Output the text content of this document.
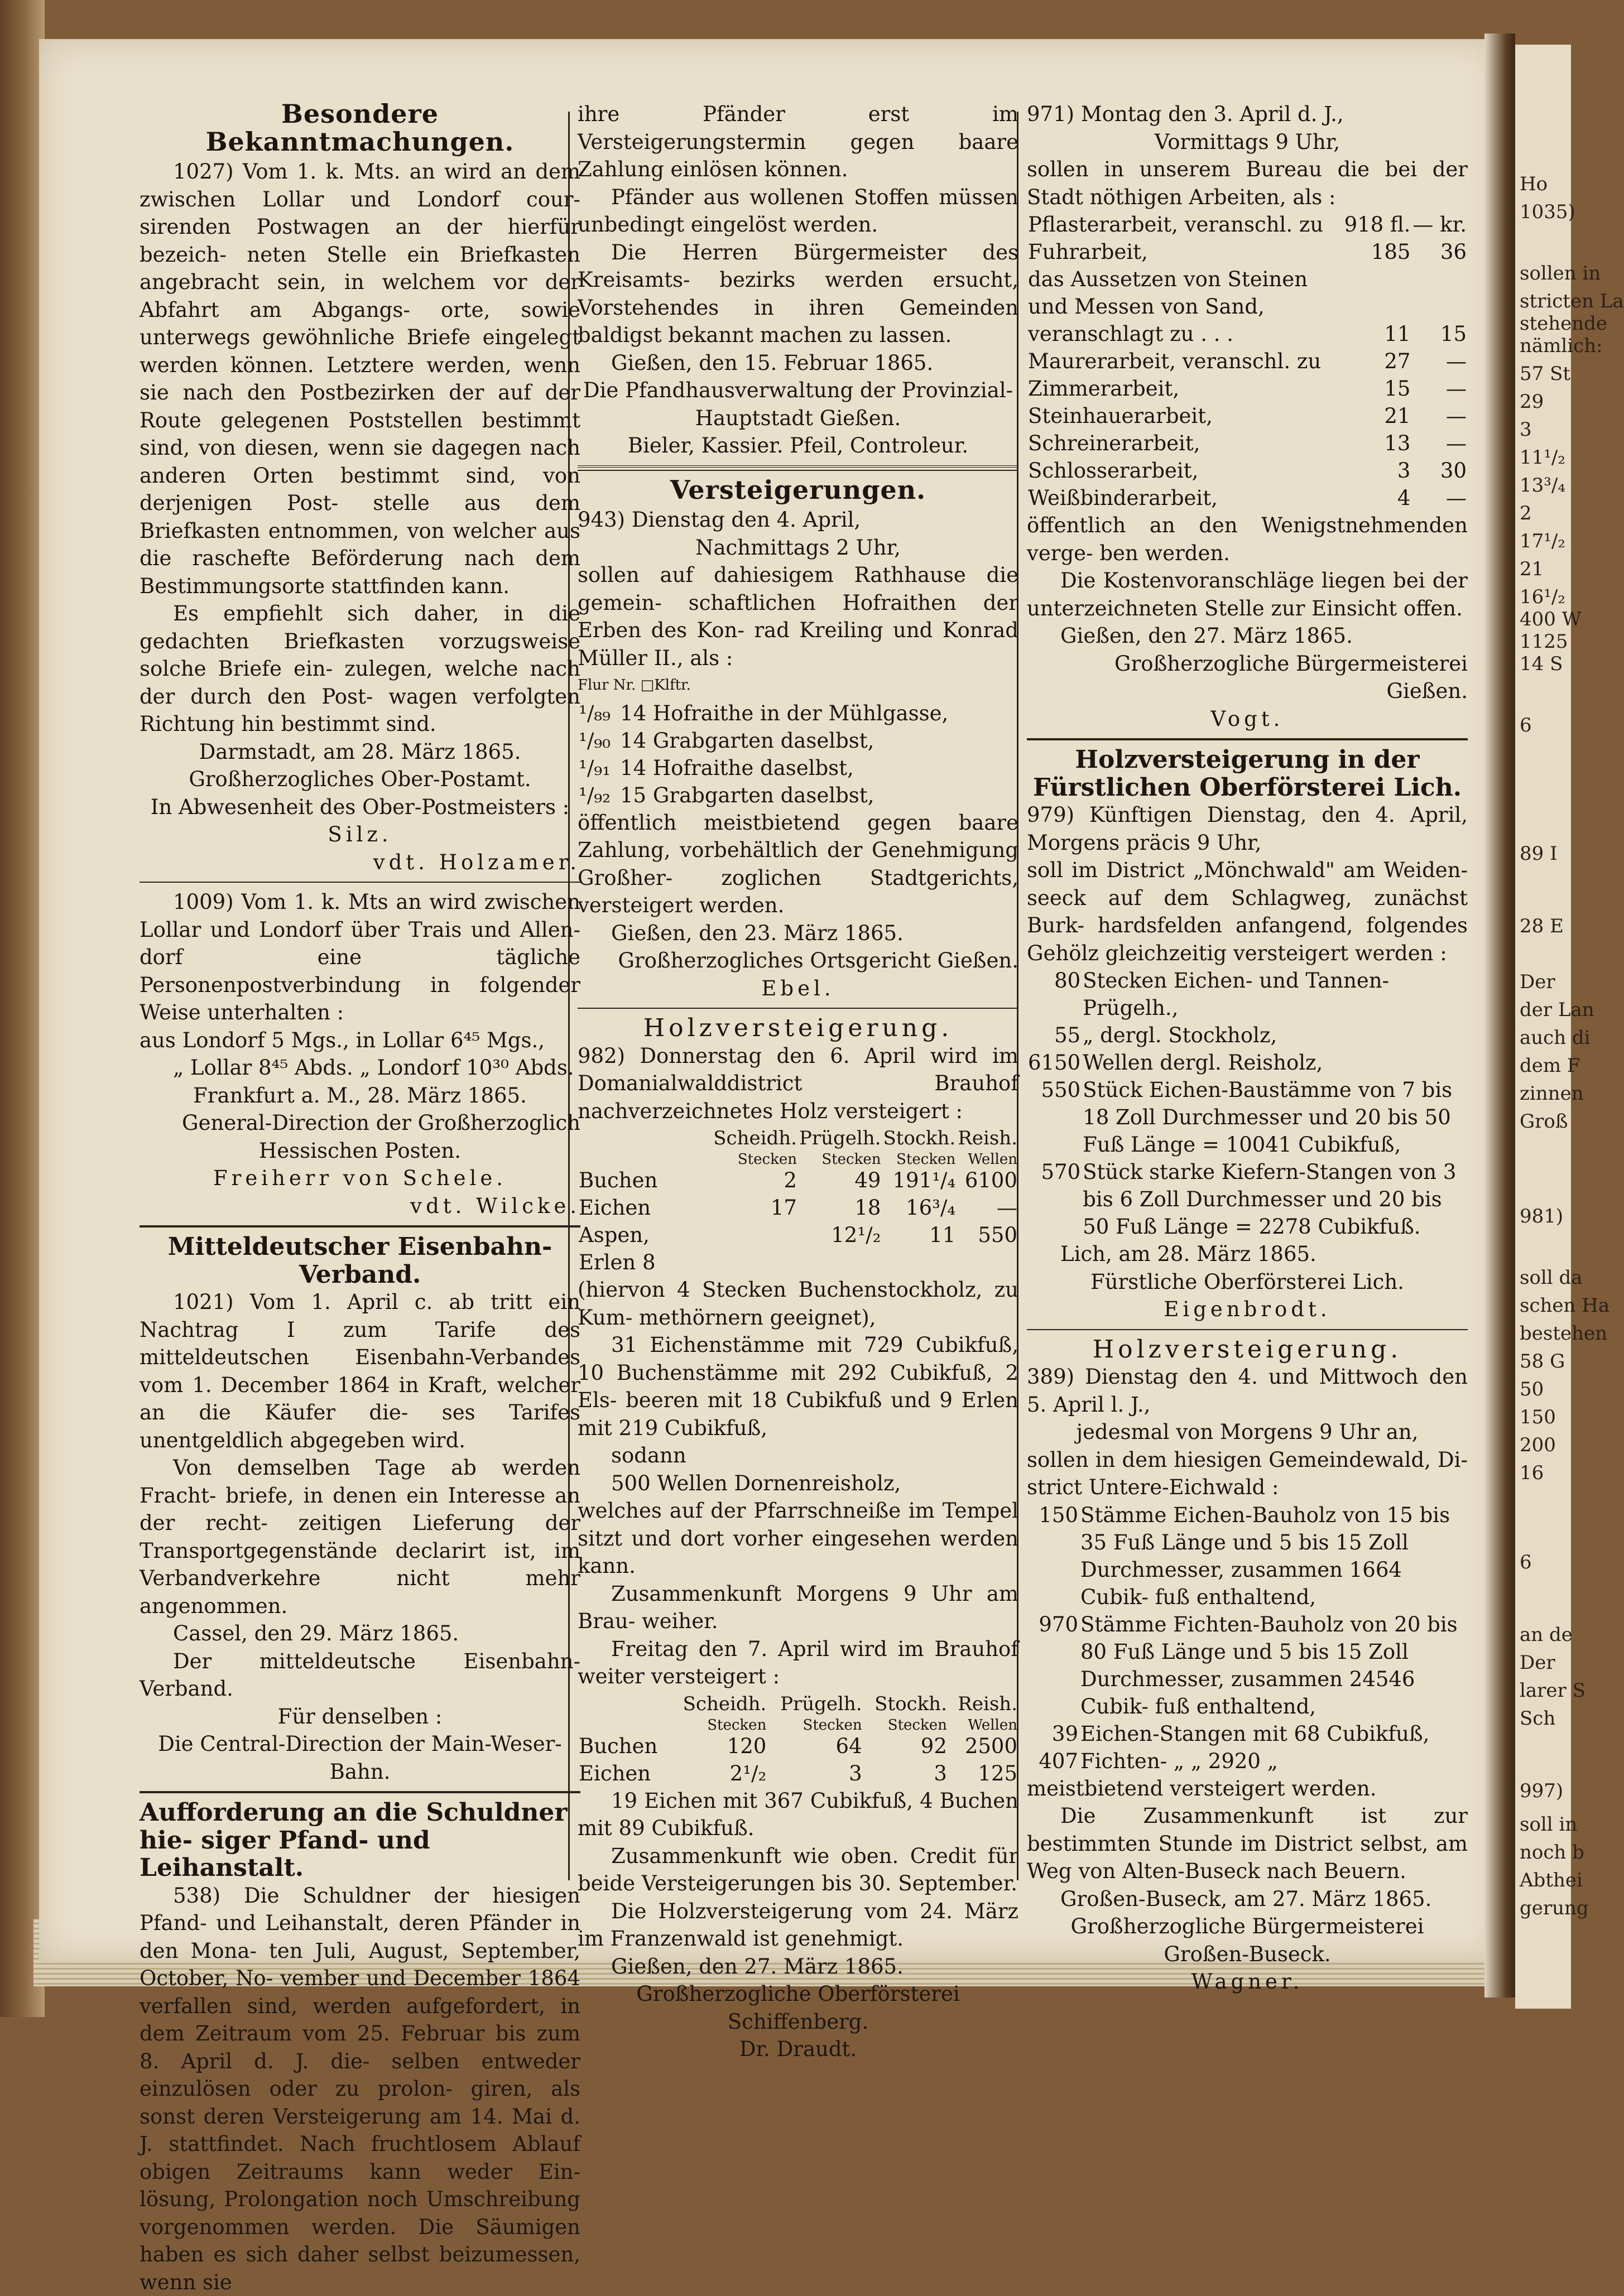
Ho
1035)
sollen in
stricten La
stehende
nämlich:
57 St
29
3
11¹/₂
13³/₄
2
17¹/₂
21
16¹/₂
400 W
1125
14 S
6
89 I
28 E
Der
der Lan
auch di
dem F
zinnen
Groß
981)
soll da
schen Ha
bestehen
58 G
50
150
200
16
6
an de
Der
larer S
Sch
997)
soll in
noch b
Abthei
gerung

Besondere Bekanntmachungen.

1027) Vom 1. k. Mts. an wird an dem zwischen Lollar und Londorf cour- sirenden Postwagen an der hierfür bezeich- neten Stelle ein Briefkasten angebracht sein, in welchem vor der Abfahrt am Abgangs- orte, sowie unterwegs gewöhnliche Briefe eingelegt werden können. Letztere werden, wenn sie nach den Postbezirken der auf der Route gelegenen Poststellen bestimmt sind, von diesen, wenn sie dagegen nach anderen Orten bestimmt sind, von derjenigen Post- stelle aus dem Briefkasten entnommen, von welcher aus die raschefte Beförderung nach dem Bestimmungsorte stattfinden kann.

Es empfiehlt sich daher, in die gedachten Briefkasten vorzugsweise solche Briefe ein- zulegen, welche nach der durch den Post- wagen verfolgten Richtung hin bestimmt sind.

Darmstadt, am 28. März 1865.

Großherzogliches Ober-Postamt.

In Abwesenheit des Ober-Postmeisters :

Silz.

vdt. Holzamer.

1009) Vom 1. k. Mts an wird zwischen Lollar und Londorf über Trais und Allen- dorf eine tägliche Personenpostverbindung in folgender Weise unterhalten :

aus Londorf 5 Mgs., in Lollar 6⁴⁵ Mgs.,

„ Lollar 8⁴⁵ Abds. „ Londorf 10³⁰ Abds.

Frankfurt a. M., 28. März 1865.

General-Direction der Großherzoglich

Hessischen Posten.

Freiherr von Schele.

vdt. Wilcke.

Mitteldeutscher Eisenbahn-Verband.

1021) Vom 1. April c. ab tritt ein Nachtrag I zum Tarife des mitteldeutschen Eisenbahn-Verbandes vom 1. December 1864 in Kraft, welcher an die Käufer die- ses Tarifes unentgeldlich abgegeben wird.

Von demselben Tage ab werden Fracht- briefe, in denen ein Interesse an der recht- zeitigen Lieferung der Transportgegenstände declarirt ist, im Verbandverkehre nicht mehr angenommen.

Cassel, den 29. März 1865.

Der mitteldeutsche Eisenbahn-Verband.

Für denselben :

Die Central-Direction der Main-Weser-Bahn.

Aufforderung an die Schuldner hie- siger Pfand- und Leihanstalt.

538) Die Schuldner der hiesigen Pfand- und Leihanstalt, deren Pfänder in den Mona- ten Juli, August, September, October, No- vember und December 1864 verfallen sind, werden aufgefordert, in dem Zeitraum vom 25. Februar bis zum 8. April d. J. die- selben entweder einzulösen oder zu prolon- giren, als sonst deren Versteigerung am 14. Mai d. J. stattfindet. Nach fruchtlosem Ablauf obigen Zeitraums kann weder Ein- lösung, Prolongation noch Umschreibung vorgenommen werden. Die Säumigen haben es sich daher selbst beizumessen, wenn sie

ihre Pfänder erst im Versteigerungstermin gegen baare Zahlung einlösen können.

Pfänder aus wollenen Stoffen müssen unbedingt eingelöst werden.

Die Herren Bürgermeister des Kreisamts- bezirks werden ersucht, Vorstehendes in ihren Gemeinden baldigst bekannt machen zu lassen.

Gießen, den 15. Februar 1865.

Die Pfandhausverwaltung der Provinzial-

Hauptstadt Gießen.

Bieler, Kassier. Pfeil, Controleur.

Versteigerungen.

943) Dienstag den 4. April,

Nachmittags 2 Uhr,

sollen auf dahiesigem Rathhause die gemein- schaftlichen Hofraithen der Erben des Kon- rad Kreiling und Konrad Müller II., als :

Flur Nr. □Klftr.

¹/₈₉	14 Hofraithe in der Mühlgasse,
¹/₉₀	14 Grabgarten daselbst,
¹/₉₁	14 Hofraithe daselbst,
¹/₉₂	15 Grabgarten daselbst,

öffentlich meistbietend gegen baare Zahlung, vorbehältlich der Genehmigung Großher- zoglichen Stadtgerichts, versteigert werden.

Gießen, den 23. März 1865.

Großherzogliches Ortsgericht Gießen.

Ebel.

Holzversteigerung.

982) Donnerstag den 6. April wird im Domanialwalddistrict Brauhof nachverzeichnetes Holz versteigert :

	Scheidh.	Prügelh.	Stockh.	Reish.
	Stecken	Stecken	Stecken	Wellen
Buchen	2	49	191¹/₄	6100
Eichen	17	18	16³/₄	—
Aspen, Erlen 8		12¹/₂	11	550

(hiervon 4 Stecken Buchenstockholz, zu Kum- methörnern geeignet),

31 Eichenstämme mit 729 Cubikfuß, 10 Buchenstämme mit 292 Cubikfuß, 2 Els- beeren mit 18 Cubikfuß und 9 Erlen mit 219 Cubikfuß,

sodann

500 Wellen Dornenreisholz,

welches auf der Pfarrschneiße im Tempel sitzt und dort vorher eingesehen werden kann.

Zusammenkunft Morgens 9 Uhr am Brau- weiher.

Freitag den 7. April wird im Brauhof weiter versteigert :

	Scheidh.	Prügelh.	Stockh.	Reish.
	Stecken	Stecken	Stecken	Wellen
Buchen	120	64	92	2500
Eichen	2¹/₂	3	3	125

19 Eichen mit 367 Cubikfuß, 4 Buchen mit 89 Cubikfuß.

Zusammenkunft wie oben. Credit für beide Versteigerungen bis 30. September.

Die Holzversteigerung vom 24. März im Franzenwald ist genehmigt.

Gießen, den 27. März 1865.

Großherzogliche Oberförsterei Schiffenberg.

Dr. Draudt.

971) Montag den 3. April d. J.,

Vormittags 9 Uhr,

sollen in unserem Bureau die bei der Stadt nöthigen Arbeiten, als :

Pflasterarbeit, veranschl. zu	918 fl.	— kr.
Fuhrarbeit,	185	36
das Aussetzen von Steinen und Messen von Sand, veranschlagt zu . . .	11	15
Maurerarbeit, veranschl. zu	27	—
Zimmerarbeit,	15	—
Steinhauerarbeit,	21	—
Schreinerarbeit,	13	—
Schlosserarbeit,	3	30
Weißbinderarbeit,	4	—

öffentlich an den Wenigstnehmenden verge- ben werden.

Die Kostenvoranschläge liegen bei der unterzeichneten Stelle zur Einsicht offen.

Gießen, den 27. März 1865.

Großherzogliche Bürgermeisterei Gießen.

Vogt.

Holzversteigerung in der Fürstlichen Oberförsterei Lich.

979) Künftigen Dienstag, den 4. April, Morgens präcis 9 Uhr,

soll im District „Mönchwald" am Weiden- seeck auf dem Schlagweg, zunächst Burk- hardsfelden anfangend, folgendes Gehölz gleichzeitig versteigert werden :

80	Stecken Eichen- und Tannen-Prügelh.,
55	„ dergl. Stockholz,
6150	Wellen dergl. Reisholz,
550	Stück Eichen-Baustämme von 7 bis 18 Zoll Durchmesser und 20 bis 50 Fuß Länge = 10041 Cubikfuß,
570	Stück starke Kiefern-Stangen von 3 bis 6 Zoll Durchmesser und 20 bis 50 Fuß Länge = 2278 Cubikfuß.

Lich, am 28. März 1865.

Fürstliche Oberförsterei Lich.

Eigenbrodt.

Holzversteigerung.

389) Dienstag den 4. und Mittwoch den 5. April l. J.,

jedesmal von Morgens 9 Uhr an,

sollen in dem hiesigen Gemeindewald, Di- strict Untere-Eichwald :

150	Stämme Eichen-Bauholz von 15 bis 35 Fuß Länge und 5 bis 15 Zoll Durchmesser, zusammen 1664 Cubik- fuß enthaltend,
970	Stämme Fichten-Bauholz von 20 bis 80 Fuß Länge und 5 bis 15 Zoll Durchmesser, zusammen 24546 Cubik- fuß enthaltend,
39	Eichen-Stangen mit 68 Cubikfuß,
407	Fichten- „ „ 2920 „

meistbietend versteigert werden.

Die Zusammenkunft ist zur bestimmten Stunde im District selbst, am Weg von Alten-Buseck nach Beuern.

Großen-Buseck, am 27. März 1865.

Großherzogliche Bürgermeisterei

Großen-Buseck.

Wagner.
